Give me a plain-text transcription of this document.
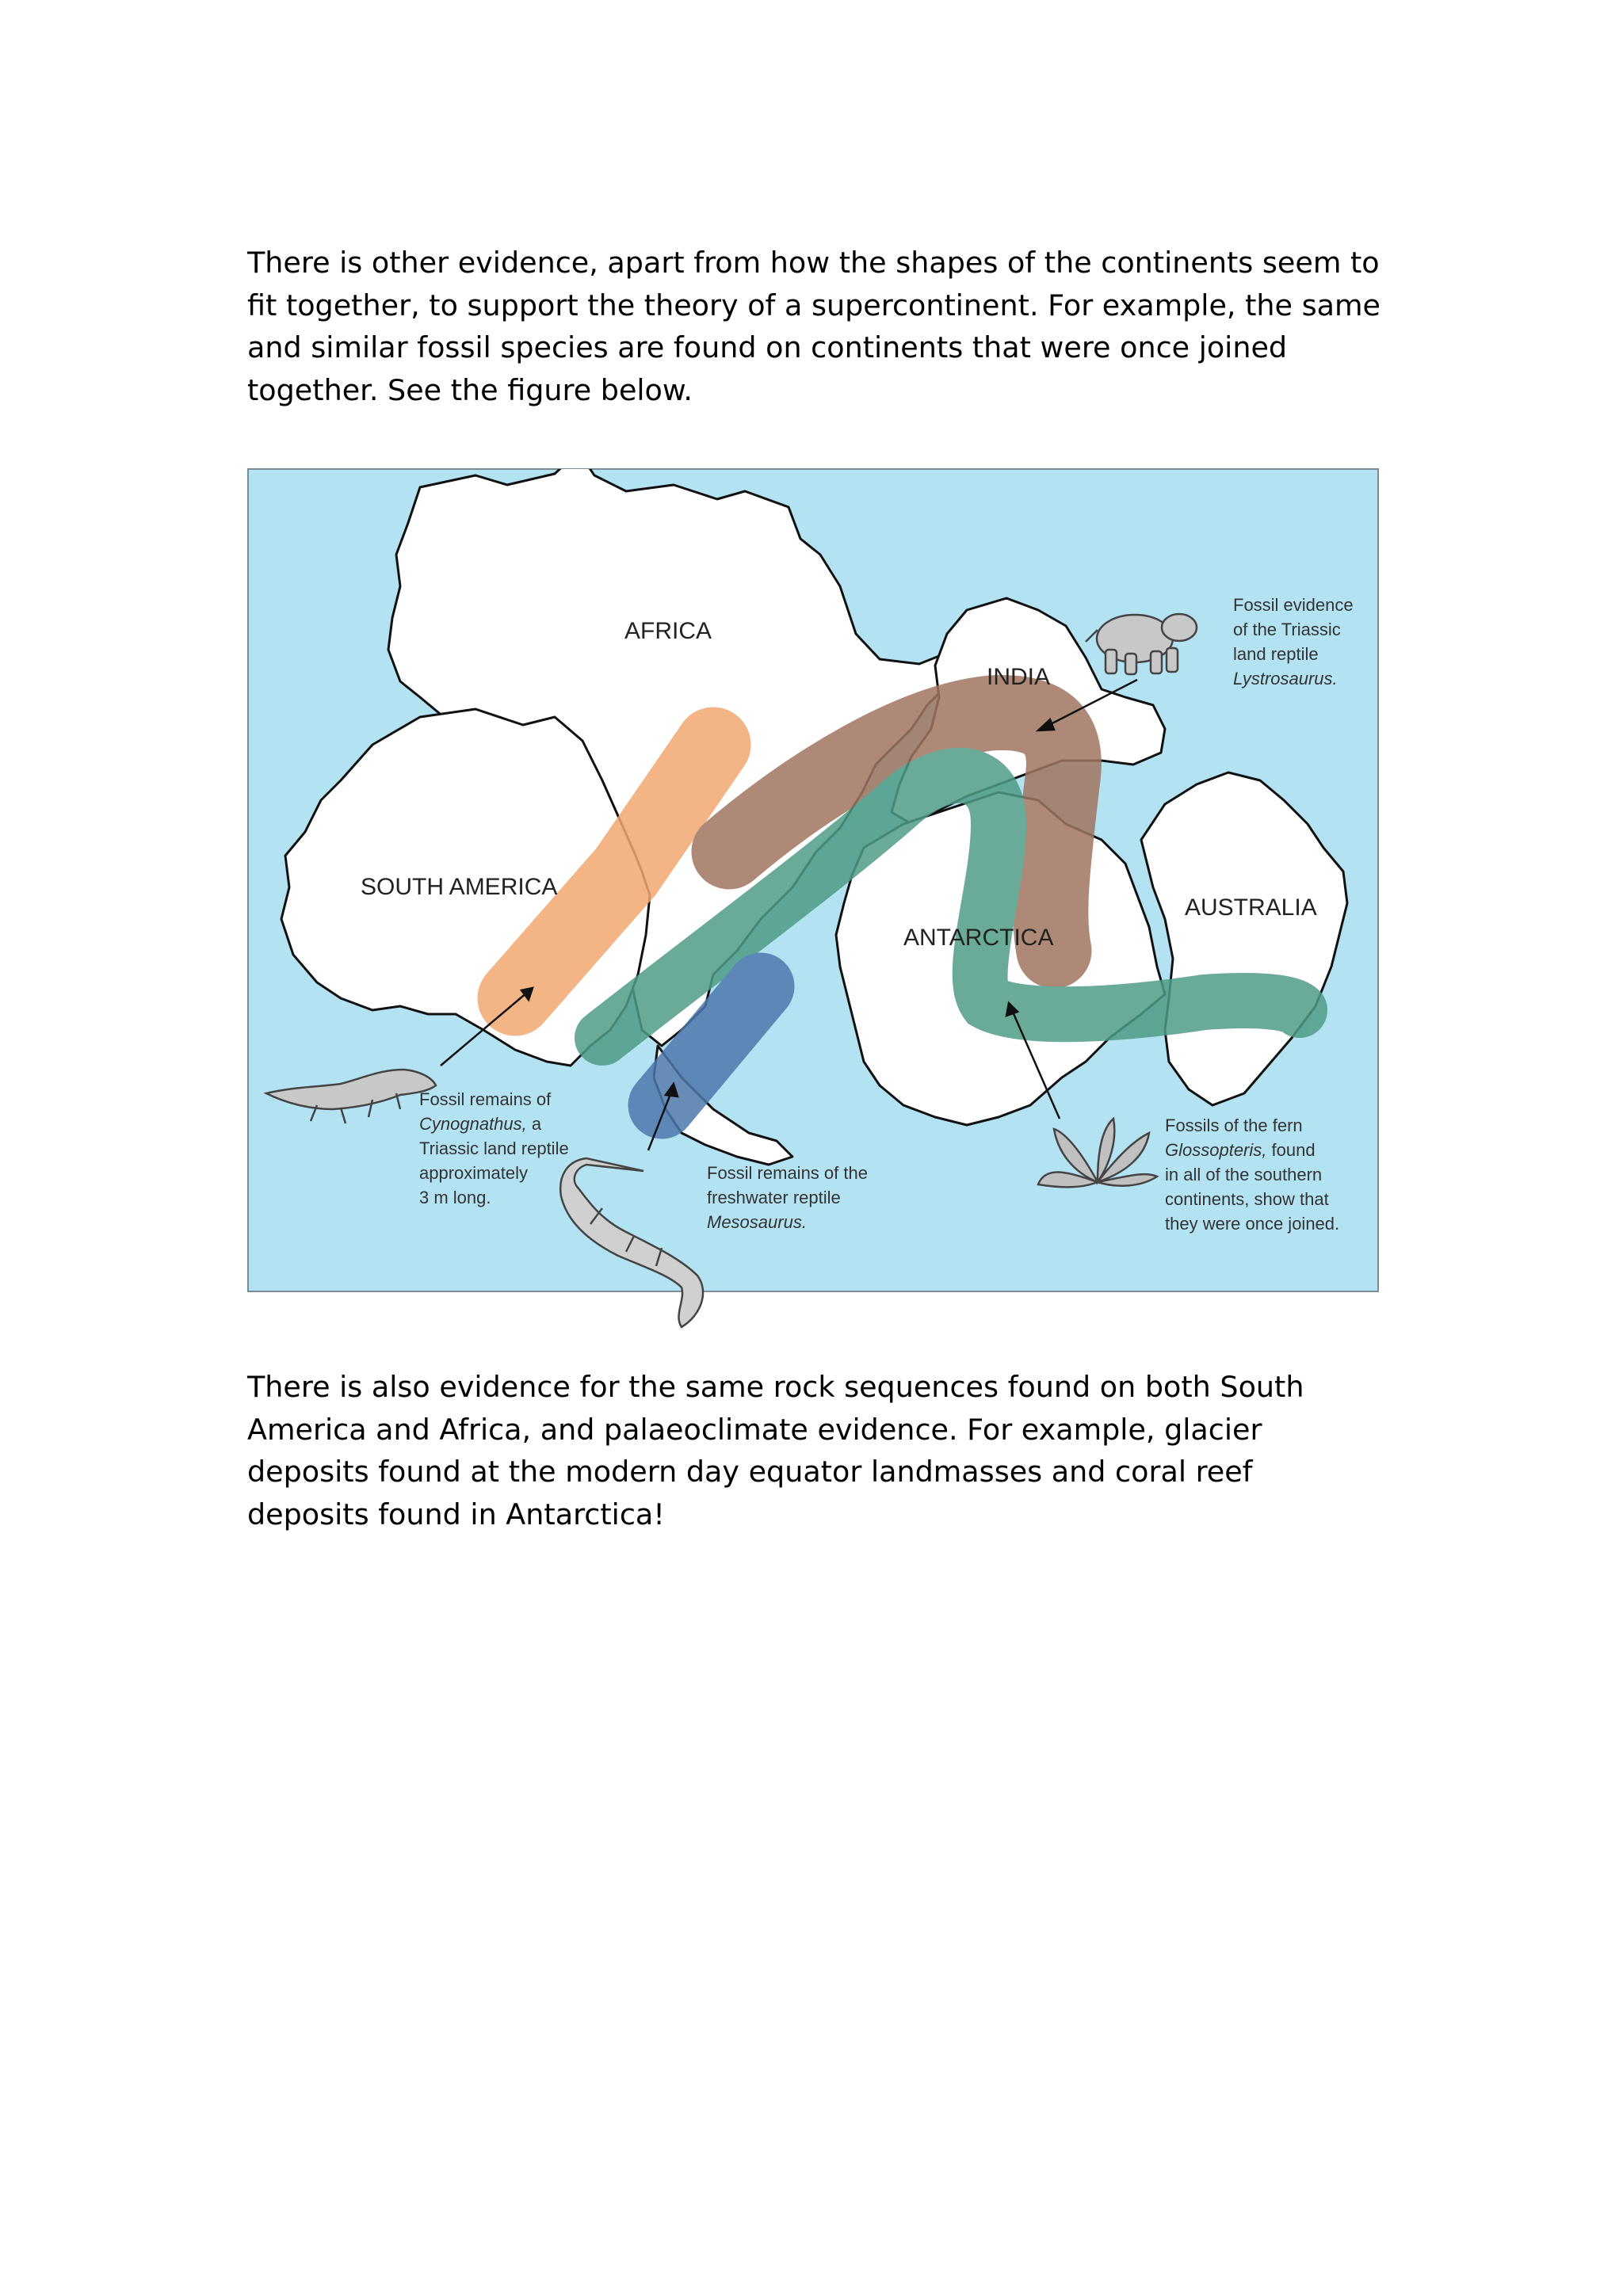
There is other evidence, apart from how the shapes of the continents seem to fit together, to support the theory of a supercontinent. For example, the same and similar fossil species are found on continents that were once joined together. See the figure below.
AFRICA
INDIA
SOUTH AMERICA
ANTARCTICA
AUSTRALIA
Fossil evidence
of the Triassic
land reptile
Lystrosaurus.
Fossil remains of
Cynognathus, a
Triassic land reptile
approximately
3 m long.
Fossil remains of the
freshwater reptile
Mesosaurus.
Fossils of the fern
Glossopteris, found
in all of the southern
continents, show that
they were once joined.
There is also evidence for the same rock sequences found on both South America and Africa, and palaeoclimate evidence. For example, glacier deposits found at the modern day equator landmasses and coral reef deposits found in Antarctica!
